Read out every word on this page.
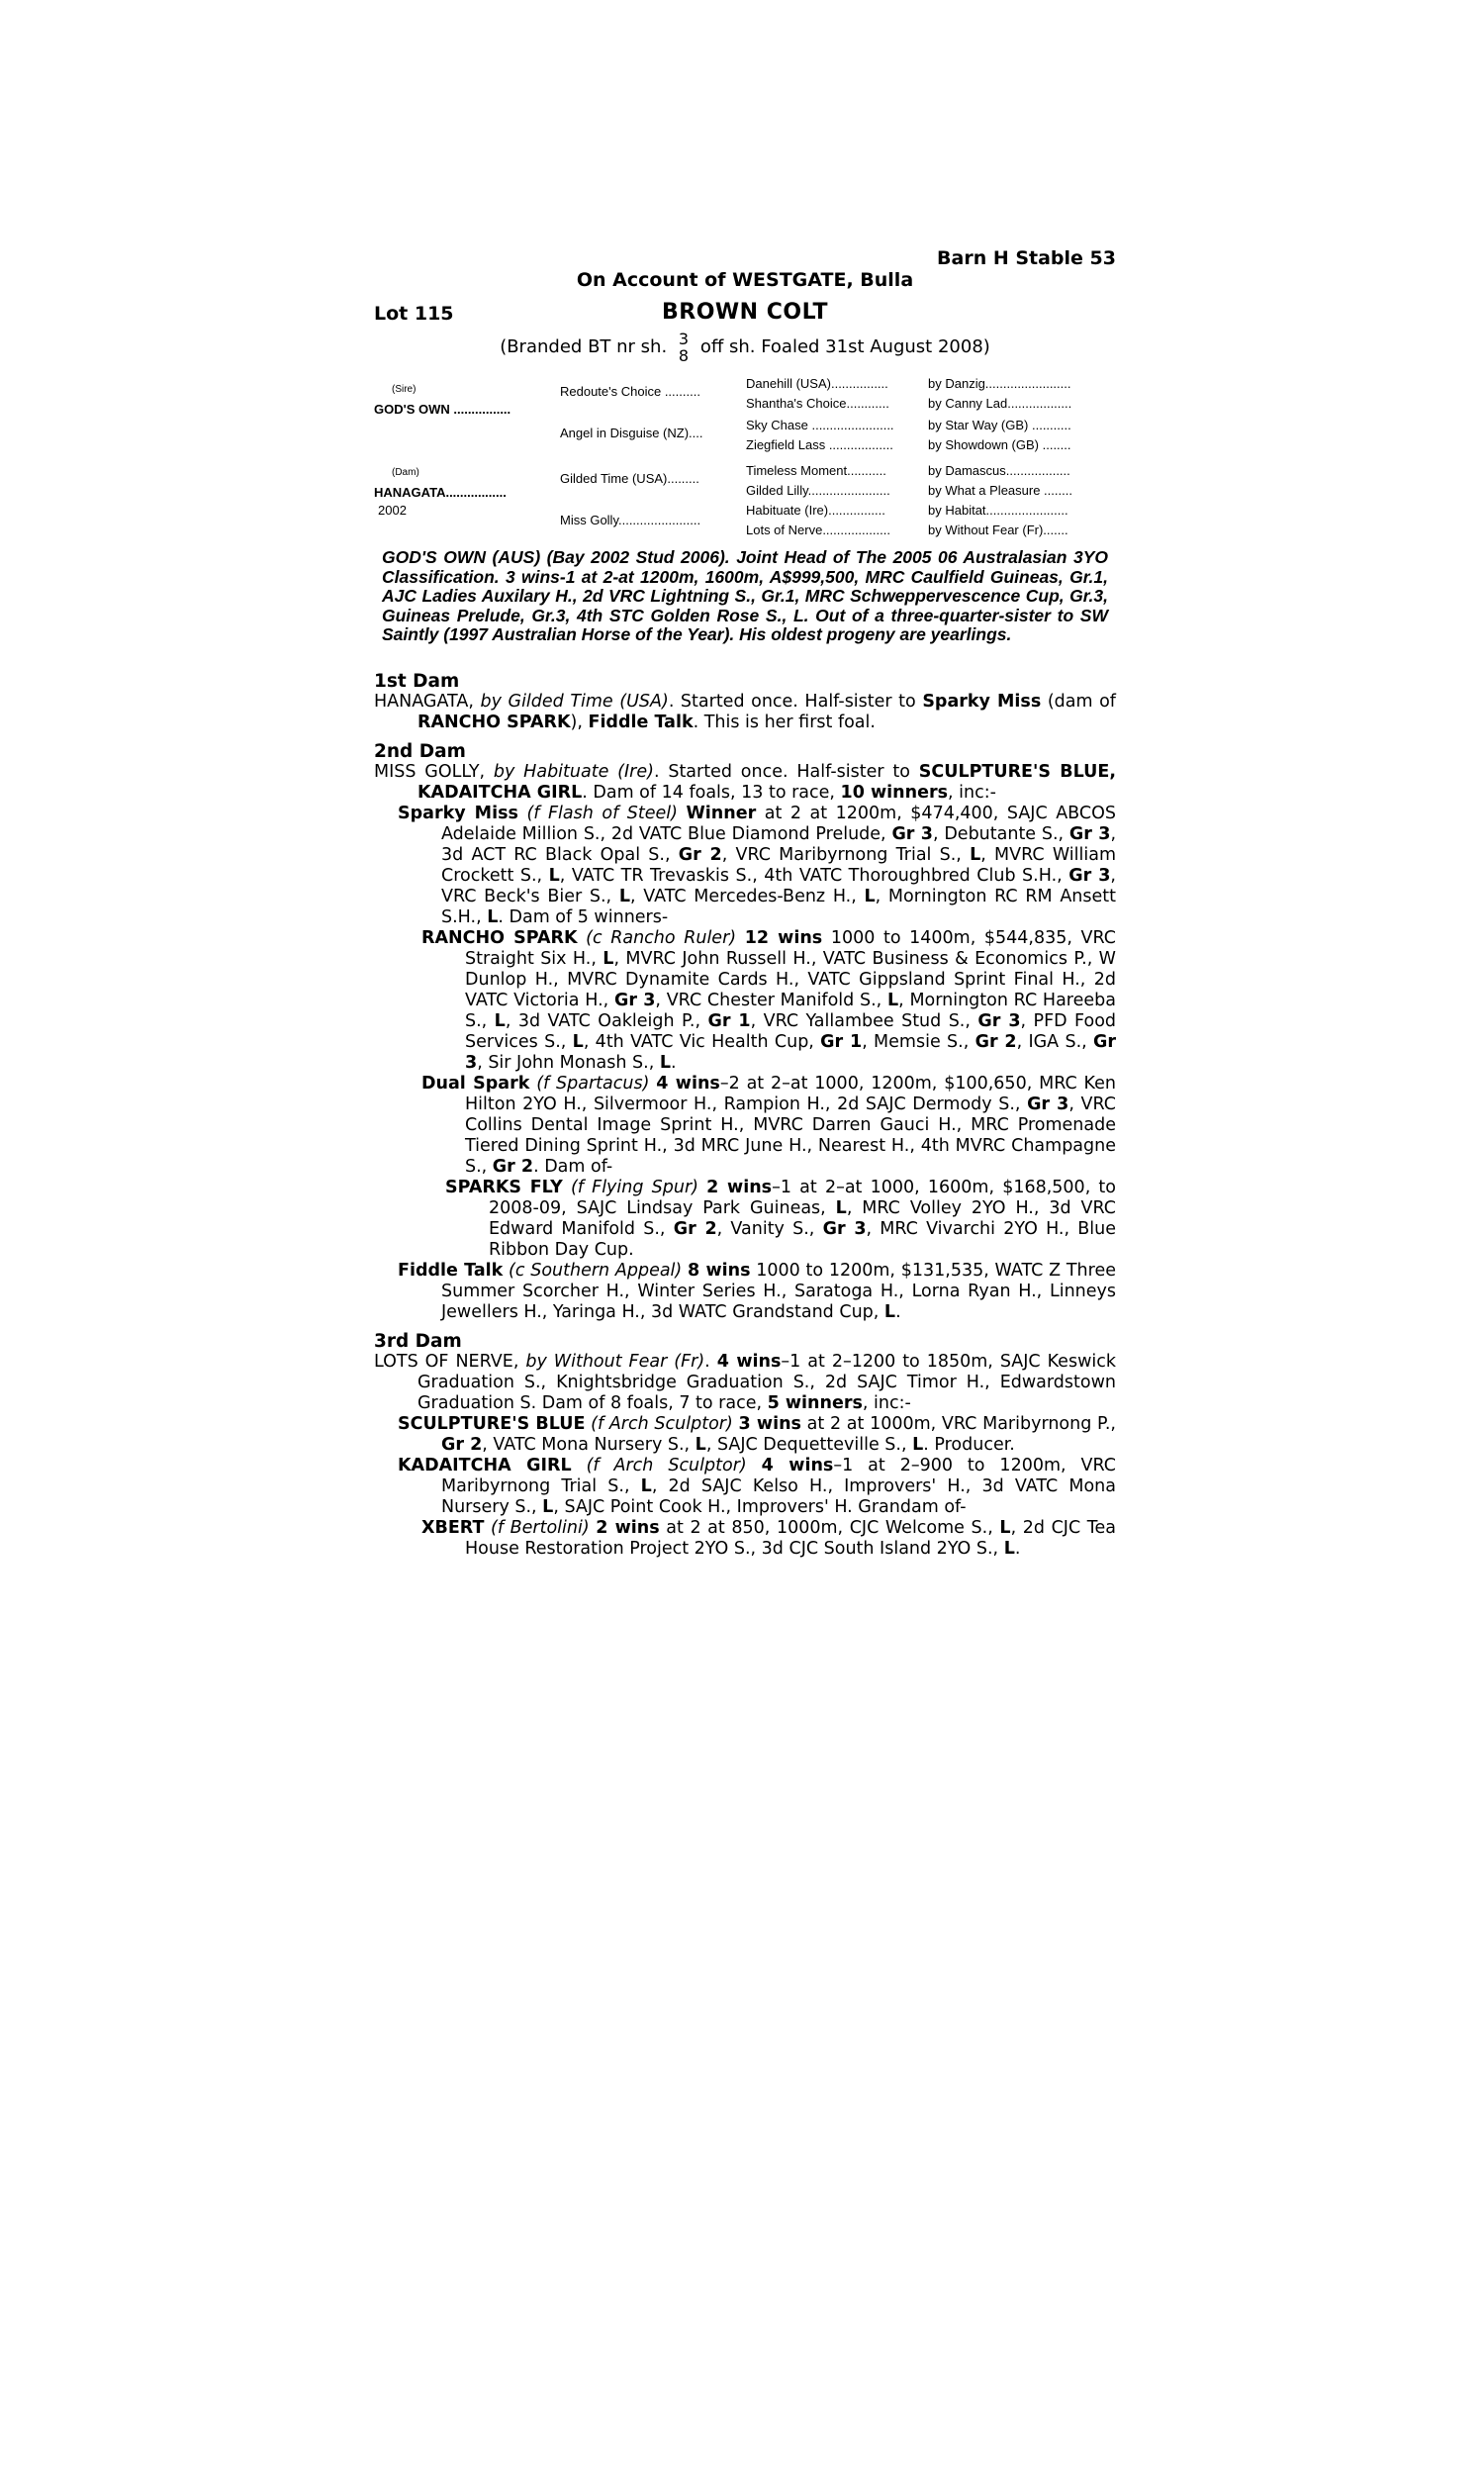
Barn H Stable 53
On Account of WESTGATE, Bulla
Lot 115	BROWN COLT
(Branded BT nr sh. 3
8 off sh. Foaled 31st August 2008)
(Sire)
GOD'S OWN ................
(Dam)
HANAGATA.................
2002
Redoute's Choice ..........
Angel in Disguise (NZ)....
Gilded Time (USA).........
Miss Golly.......................
Danehill (USA)................
Shantha's Choice............
Sky Chase .......................
Ziegfield Lass ..................
Timeless Moment...........
Gilded Lilly.......................
Habituate (Ire)................
Lots of Nerve...................
by Danzig........................
by Canny Lad..................
by Star Way (GB) ...........
by Showdown (GB) ........
by Damascus..................
by What a Pleasure ........
by Habitat.......................
by Without Fear (Fr).......
GOD'S OWN (AUS) (Bay 2002 Stud 2006). Joint Head of The 2005 06 Australasian 3YO Classification. 3 wins-1 at 2-at 1200m, 1600m, A$999,500, MRC Caulfield Guineas, Gr.1, AJC Ladies Auxilary H., 2d VRC Lightning S., Gr.1, MRC Schweppervescence Cup, Gr.3, Guineas Prelude, Gr.3, 4th STC Golden Rose S., L. Out of a three-quarter-sister to SW Saintly (1997 Australian Horse of the Year). His oldest progeny are yearlings.
1st Dam
HANAGATA, by Gilded Time (USA). Started once. Half-sister to Sparky Miss (dam of RANCHO SPARK), Fiddle Talk. This is her first foal.
2nd Dam
MISS GOLLY, by Habituate (Ire). Started once. Half-sister to SCULPTURE'S BLUE, KADAITCHA GIRL. Dam of 14 foals, 13 to race, 10 winners, inc:-
Sparky Miss (f Flash of Steel) Winner at 2 at 1200m, $474,400, SAJC ABCOS Adelaide Million S., 2d VATC Blue Diamond Prelude, Gr 3, Debutante S., Gr 3, 3d ACT RC Black Opal S., Gr 2, VRC Maribyrnong Trial S., L, MVRC William Crockett S., L, VATC TR Trevaskis S., 4th VATC Thoroughbred Club S.H., Gr 3, VRC Beck's Bier S., L, VATC Mercedes-Benz H., L, Mornington RC RM Ansett S.H., L. Dam of 5 winners-
RANCHO SPARK (c Rancho Ruler) 12 wins 1000 to 1400m, $544,835, VRC Straight Six H., L, MVRC John Russell H., VATC Business & Economics P., W Dunlop H., MVRC Dynamite Cards H., VATC Gippsland Sprint Final H., 2d VATC Victoria H., Gr 3, VRC Chester Manifold S., L, Mornington RC Hareeba S., L, 3d VATC Oakleigh P., Gr 1, VRC Yallambee Stud S., Gr 3, PFD Food Services S., L, 4th VATC Vic Health Cup, Gr 1, Memsie S., Gr 2, IGA S., Gr 3, Sir John Monash S., L.
Dual Spark (f Spartacus) 4 wins–2 at 2–at 1000, 1200m, $100,650, MRC Ken Hilton 2YO H., Silvermoor H., Rampion H., 2d SAJC Dermody S., Gr 3, VRC Collins Dental Image Sprint H., MVRC Darren Gauci H., MRC Promenade Tiered Dining Sprint H., 3d MRC June H., Nearest H., 4th MVRC Champagne S., Gr 2. Dam of-
SPARKS FLY (f Flying Spur) 2 wins–1 at 2–at 1000, 1600m, $168,500, to 2008-09, SAJC Lindsay Park Guineas, L, MRC Volley 2YO H., 3d VRC Edward Manifold S., Gr 2, Vanity S., Gr 3, MRC Vivarchi 2YO H., Blue Ribbon Day Cup.
Fiddle Talk (c Southern Appeal) 8 wins 1000 to 1200m, $131,535, WATC Z Three Summer Scorcher H., Winter Series H., Saratoga H., Lorna Ryan H., Linneys Jewellers H., Yaringa H., 3d WATC Grandstand Cup, L.
3rd Dam
LOTS OF NERVE, by Without Fear (Fr). 4 wins–1 at 2–1200 to 1850m, SAJC Keswick Graduation S., Knightsbridge Graduation S., 2d SAJC Timor H., Edwardstown Graduation S. Dam of 8 foals, 7 to race, 5 winners, inc:-
SCULPTURE'S BLUE (f Arch Sculptor) 3 wins at 2 at 1000m, VRC Maribyrnong P., Gr 2, VATC Mona Nursery S., L, SAJC Dequetteville S., L. Producer.
KADAITCHA GIRL (f Arch Sculptor) 4 wins–1 at 2–900 to 1200m, VRC Maribyrnong Trial S., L, 2d SAJC Kelso H., Improvers' H., 3d VATC Mona Nursery S., L, SAJC Point Cook H., Improvers' H. Grandam of-
XBERT (f Bertolini) 2 wins at 2 at 850, 1000m, CJC Welcome S., L, 2d CJC Tea House Restoration Project 2YO S., 3d CJC South Island 2YO S., L.
